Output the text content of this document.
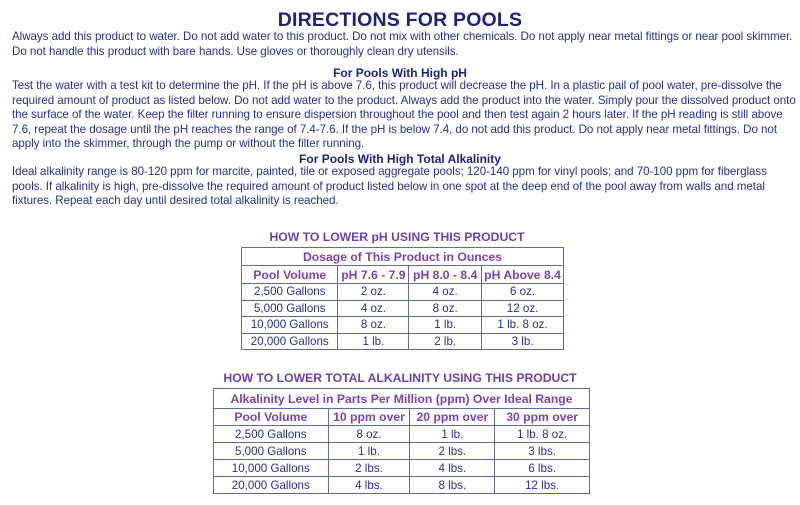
DIRECTIONS FOR POOLS

Always add this product to water. Do not add water to this product. Do not mix with other chemicals. Do not apply near metal fittings or near pool skimmer. Do not handle this product with bare hands. Use gloves or thoroughly clean dry utensils.

For Pools With High pH

Test the water with a test kit to determine the pH. If the pH is above 7.6, this product will decrease the pH. In a plastic pail of pool water, pre-dissolve the required amount of product as listed below. Do not add water to the product. Always add the product into the water. Simply pour the dissolved product onto the surface of the water. Keep the filter running to ensure dispersion throughout the pool and then test again 2 hours later. If the pH reading is still above 7.6, repeat the dosage until the pH reaches the range of 7.4-7.6. If the pH is below 7.4, do not add this product. Do not apply near metal fittings. Do not apply into the skimmer, through the pump or without the filter running.

For Pools With High Total Alkalinity

Ideal alkalinity range is 80-120 ppm for marcite, painted, tile or exposed aggregate pools; 120-140 ppm for vinyl pools; and 70-100 ppm for fiberglass pools. If alkalinity is high, pre-dissolve the required amount of product listed below in one spot at the deep end of the pool away from walls and metal fixtures. Repeat each day until desired total alkalinity is reached.

HOW TO LOWER pH USING THIS PRODUCT
Dosage of This Product in Ounces			
Pool Volume	pH 7.6 - 7.9	pH 8.0 - 8.4	pH Above 8.4
2,500 Gallons	2 oz.	4 oz.	6 oz.
5,000 Gallons	4 oz.	8 oz.	12 oz.
10,000 Gallons	8 oz.	1 lb.	1 lb. 8 oz.
20,000 Gallons	1 lb.	2 lb.	3 lb.
HOW TO LOWER TOTAL ALKALINITY USING THIS PRODUCT
Alkalinity Level in Parts Per Million (ppm) Over Ideal Range			
Pool Volume	10 ppm over	20 ppm over	30 ppm over
2,500 Gallons	8 oz.	1 lb.	1 lb. 8 oz.
5,000 Gallons	1 lb.	2 lbs.	3 lbs.
10,000 Gallons	2 lbs.	4 lbs.	6 lbs.
20,000 Gallons	4 lbs.	8 lbs.	12 lbs.
